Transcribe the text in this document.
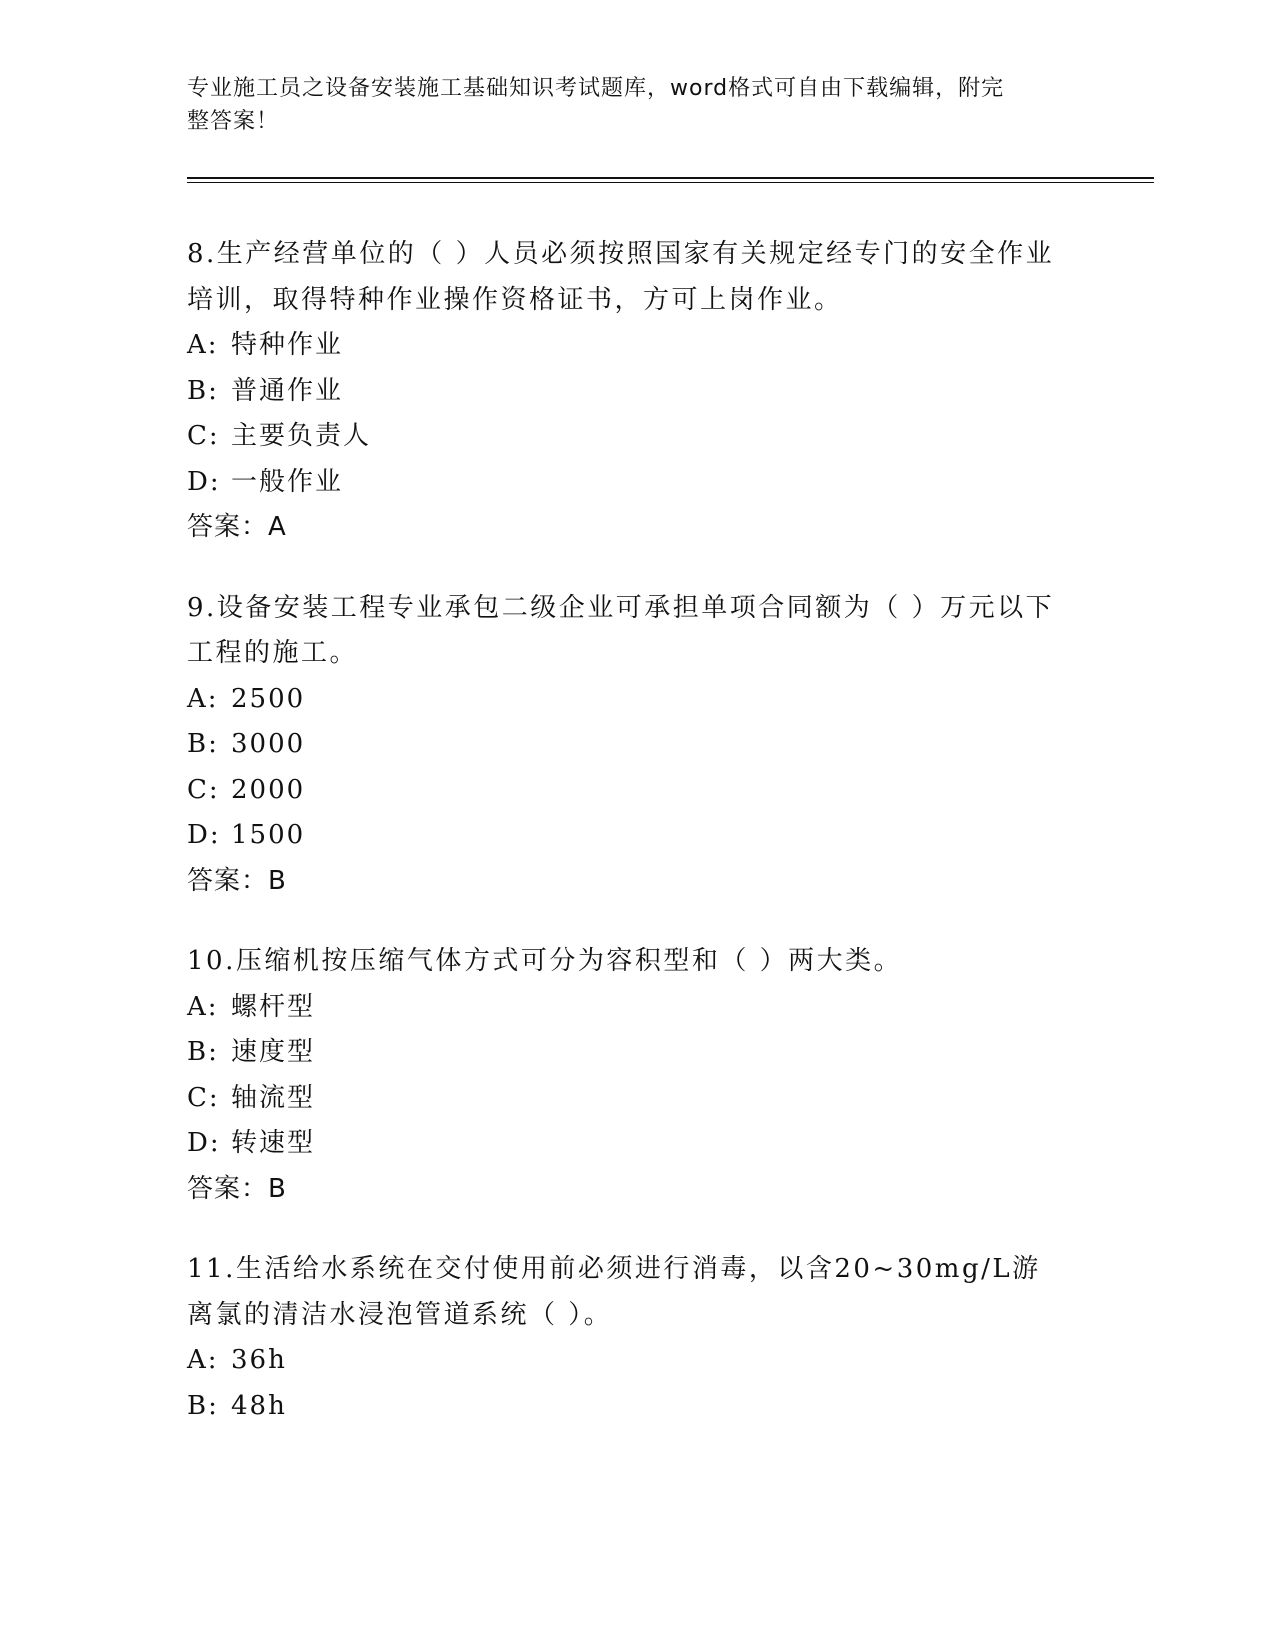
专业施工员之设备安装施工基础知识考试题库，word格式可自由下载编辑，附完
整答案！

8.生产经营单位的（ ）人员必须按照国家有关规定经专门的安全作业培训，取得特种作业操作资格证书，方可上岗作业。

A: 特种作业

B: 普通作业

C: 主要负责人

D: 一般作业

答案：A

9.设备安装工程专业承包二级企业可承担单项合同额为（ ）万元以下工程的施工。

A: 2500

B: 3000

C: 2000

D: 1500

答案：B

10.压缩机按压缩气体方式可分为容积型和（ ）两大类。

A: 螺杆型

B: 速度型

C: 轴流型

D: 转速型

答案：B

11.生活给水系统在交付使用前必须进行消毒，以含20~30mg/L游离氯的清洁水浸泡管道系统（ ）。

A: 36h

B: 48h
